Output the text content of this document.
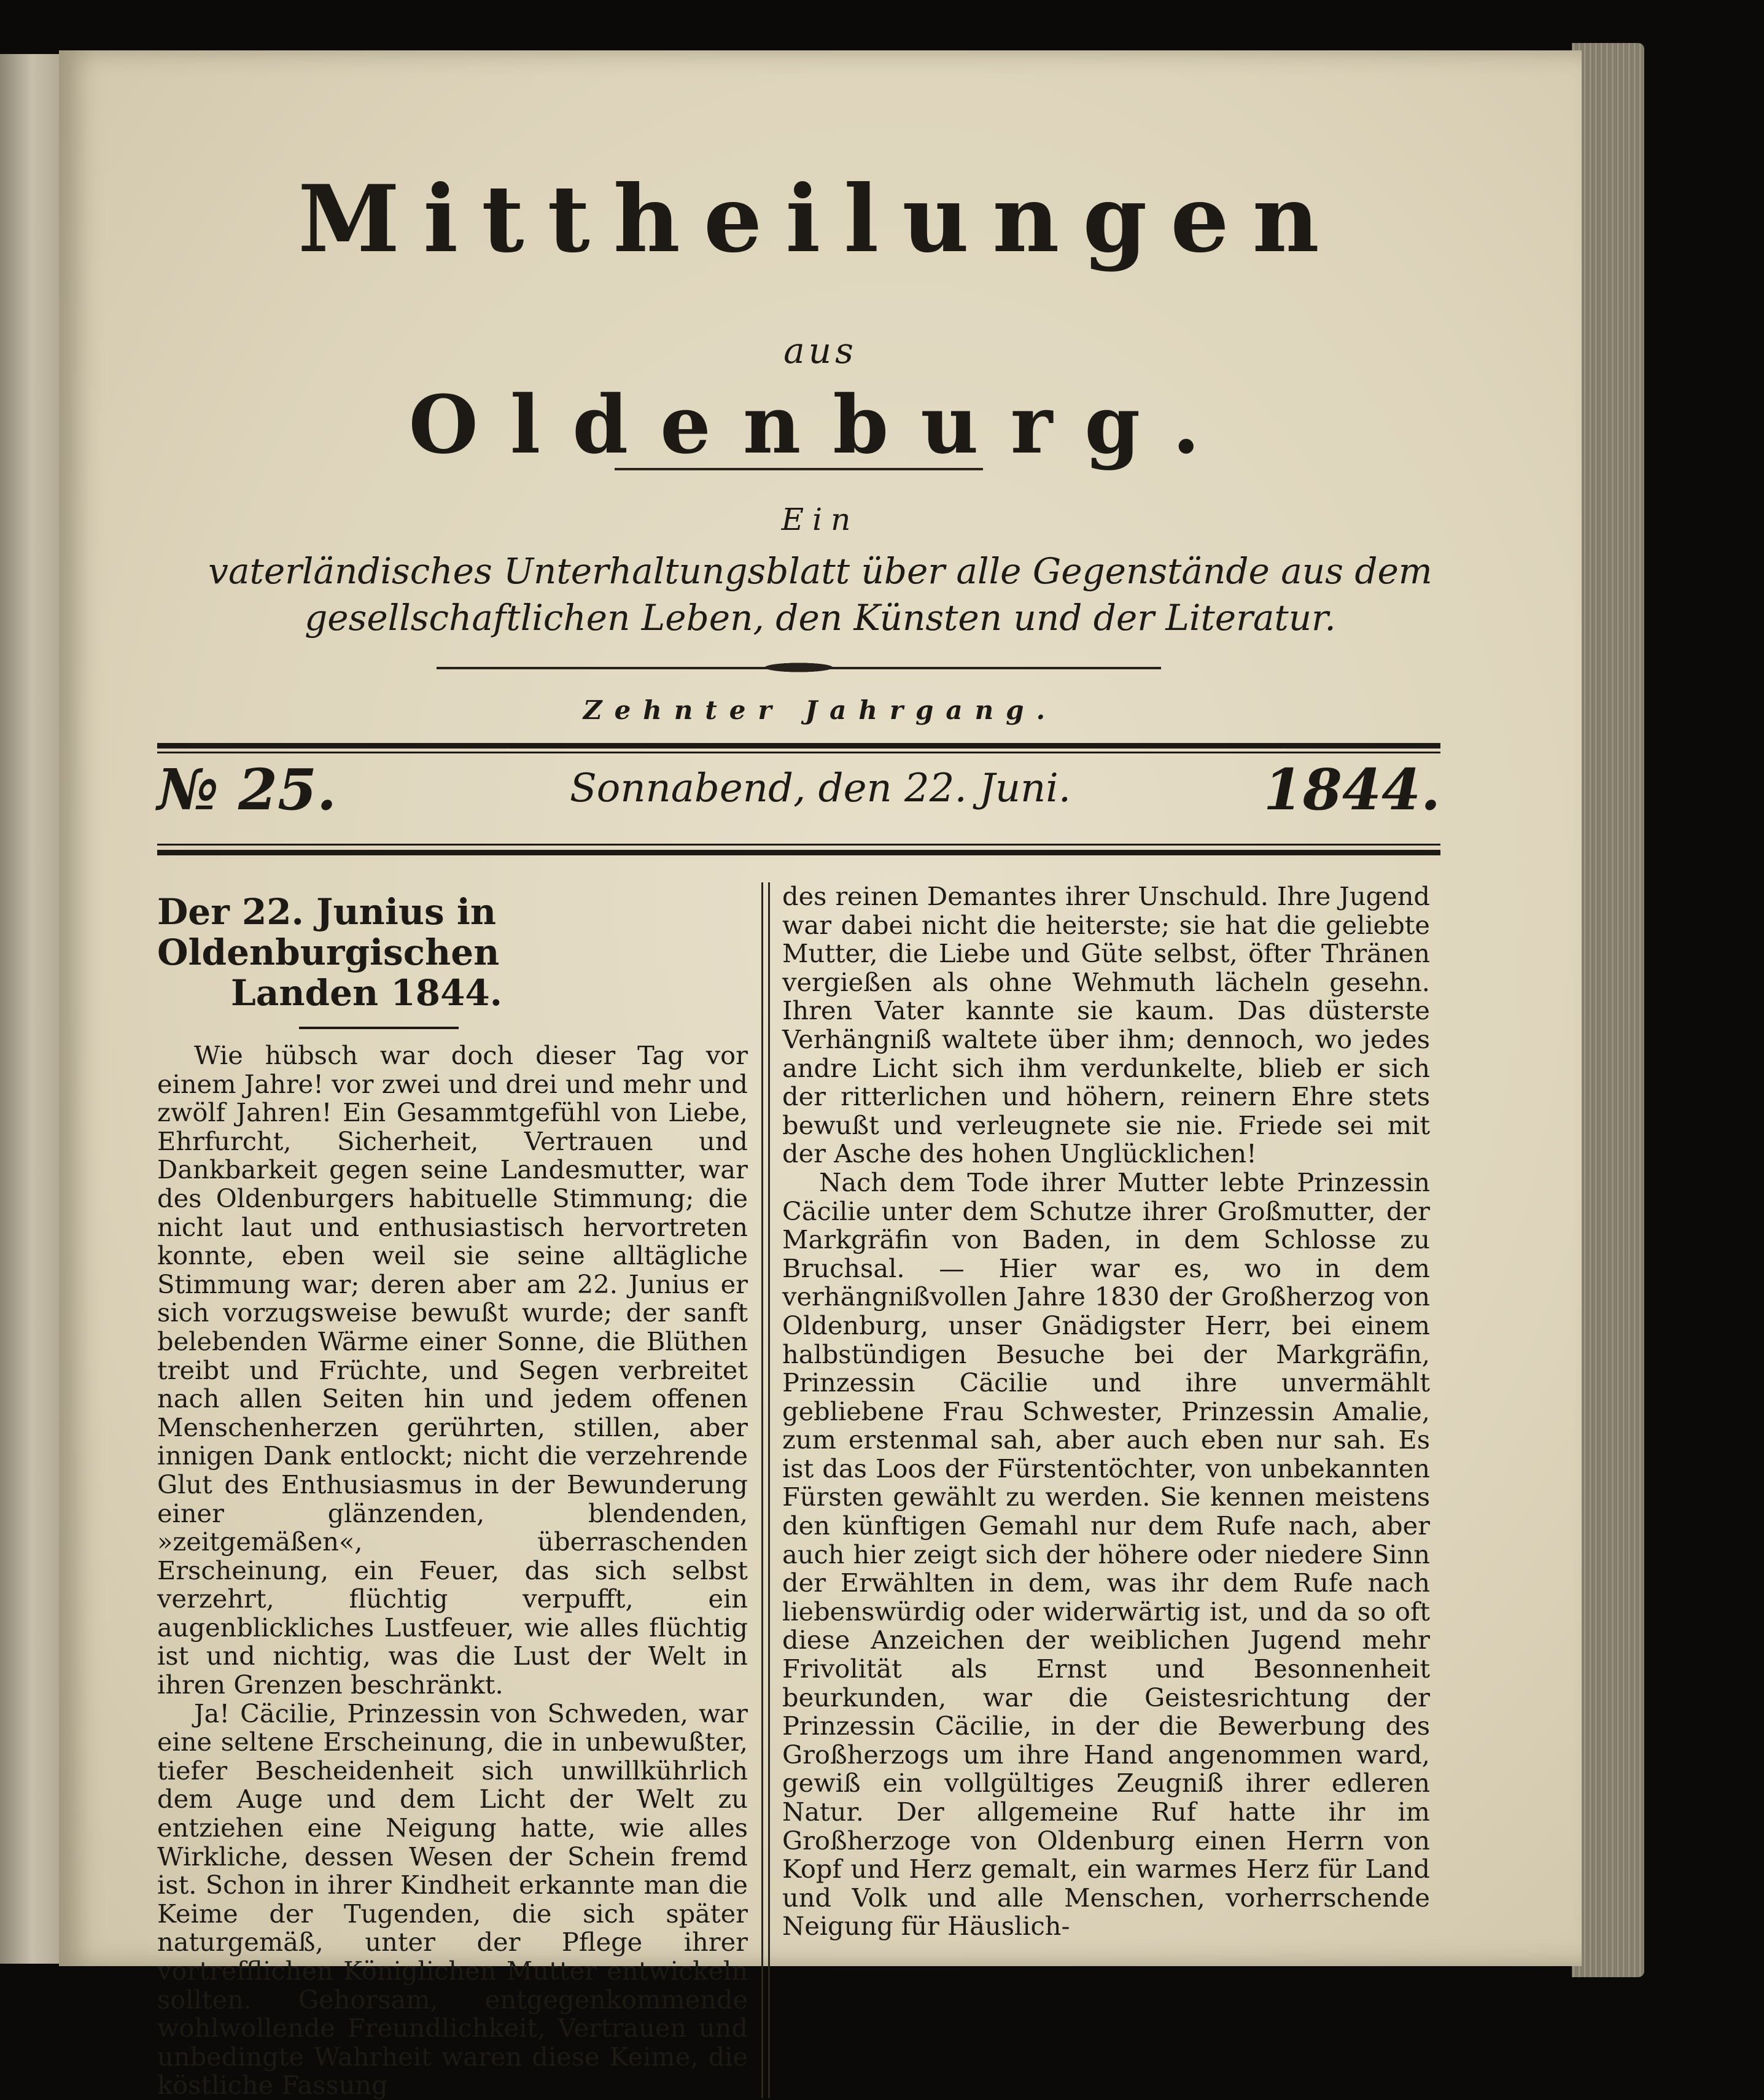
Mittheilungen
aus
Oldenburg.
Ein
vaterländisches Unterhaltungsblatt über alle Gegenstände aus dem gesellschaftlichen Leben, den Künsten und der Literatur.
Zehnter Jahrgang.
№ 25.	Sonnabend, den 22. Juni.	1844.
Der 22. Junius in Oldenburgischen
Landen 1844.

Wie hübsch war doch dieser Tag vor einem Jahre! vor zwei und drei und mehr und zwölf Jahren! Ein Gesammtgefühl von Liebe, Ehrfurcht, Sicherheit, Vertrauen und Dankbarkeit gegen seine Landesmutter, war des Oldenburgers habituelle Stimmung; die nicht laut und enthusiastisch hervortreten konnte, eben weil sie seine alltägliche Stimmung war; deren aber am 22. Junius er sich vorzugsweise bewußt wurde; der sanft belebenden Wärme einer Sonne, die Blüthen treibt und Früchte, und Segen verbreitet nach allen Seiten hin und jedem offenen Menschenherzen gerührten, stillen, aber innigen Dank entlockt; nicht die verzehrende Glut des Enthusiasmus in der Bewunderung einer glänzenden, blendenden, »zeitgemäßen«, überraschenden Erscheinung, ein Feuer, das sich selbst verzehrt, flüchtig verpufft, ein augenblickliches Lustfeuer, wie alles flüchtig ist und nichtig, was die Lust der Welt in ihren Grenzen beschränkt.

Ja! Cäcilie, Prinzessin von Schweden, war eine seltene Erscheinung, die in unbewußter, tiefer Bescheidenheit sich unwillkührlich dem Auge und dem Licht der Welt zu entziehen eine Neigung hatte, wie alles Wirkliche, dessen Wesen der Schein fremd ist. Schon in ihrer Kindheit erkannte man die Keime der Tugenden, die sich später naturgemäß, unter der Pflege ihrer vortrefflichen Königlichen Mutter entwickeln sollten. Gehorsam, entgegenkommende wohlwollende Freundlichkeit, Vertrauen und unbedingte Wahrheit waren diese Keime, die köstliche Fassung

des reinen Demantes ihrer Unschuld. Ihre Jugend war dabei nicht die heiterste; sie hat die geliebte Mutter, die Liebe und Güte selbst, öfter Thränen vergießen als ohne Wehmuth lächeln gesehn. Ihren Vater kannte sie kaum. Das düsterste Verhängniß waltete über ihm; dennoch, wo jedes andre Licht sich ihm verdunkelte, blieb er sich der ritterlichen und höhern, reinern Ehre stets bewußt und verleugnete sie nie. Friede sei mit der Asche des hohen Unglücklichen!

Nach dem Tode ihrer Mutter lebte Prinzessin Cäcilie unter dem Schutze ihrer Großmutter, der Markgräfin von Baden, in dem Schlosse zu Bruchsal. — Hier war es, wo in dem verhängnißvollen Jahre 1830 der Großherzog von Oldenburg, unser Gnädigster Herr, bei einem halbstündigen Besuche bei der Markgräfin, Prinzessin Cäcilie und ihre unvermählt gebliebene Frau Schwester, Prinzessin Amalie, zum erstenmal sah, aber auch eben nur sah. Es ist das Loos der Fürstentöchter, von unbekannten Fürsten gewählt zu werden. Sie kennen meistens den künftigen Gemahl nur dem Rufe nach, aber auch hier zeigt sich der höhere oder niedere Sinn der Erwählten in dem, was ihr dem Rufe nach liebenswürdig oder widerwärtig ist, und da so oft diese Anzeichen der weiblichen Jugend mehr Frivolität als Ernst und Besonnenheit beurkunden, war die Geistesrichtung der Prinzessin Cäcilie, in der die Bewerbung des Großherzogs um ihre Hand angenommen ward, gewiß ein vollgültiges Zeugniß ihrer edleren Natur. Der allgemeine Ruf hatte ihr im Großherzoge von Oldenburg einen Herrn von Kopf und Herz gemalt, ein warmes Herz für Land und Volk und alle Menschen, vorherrschende Neigung für Häuslich-
